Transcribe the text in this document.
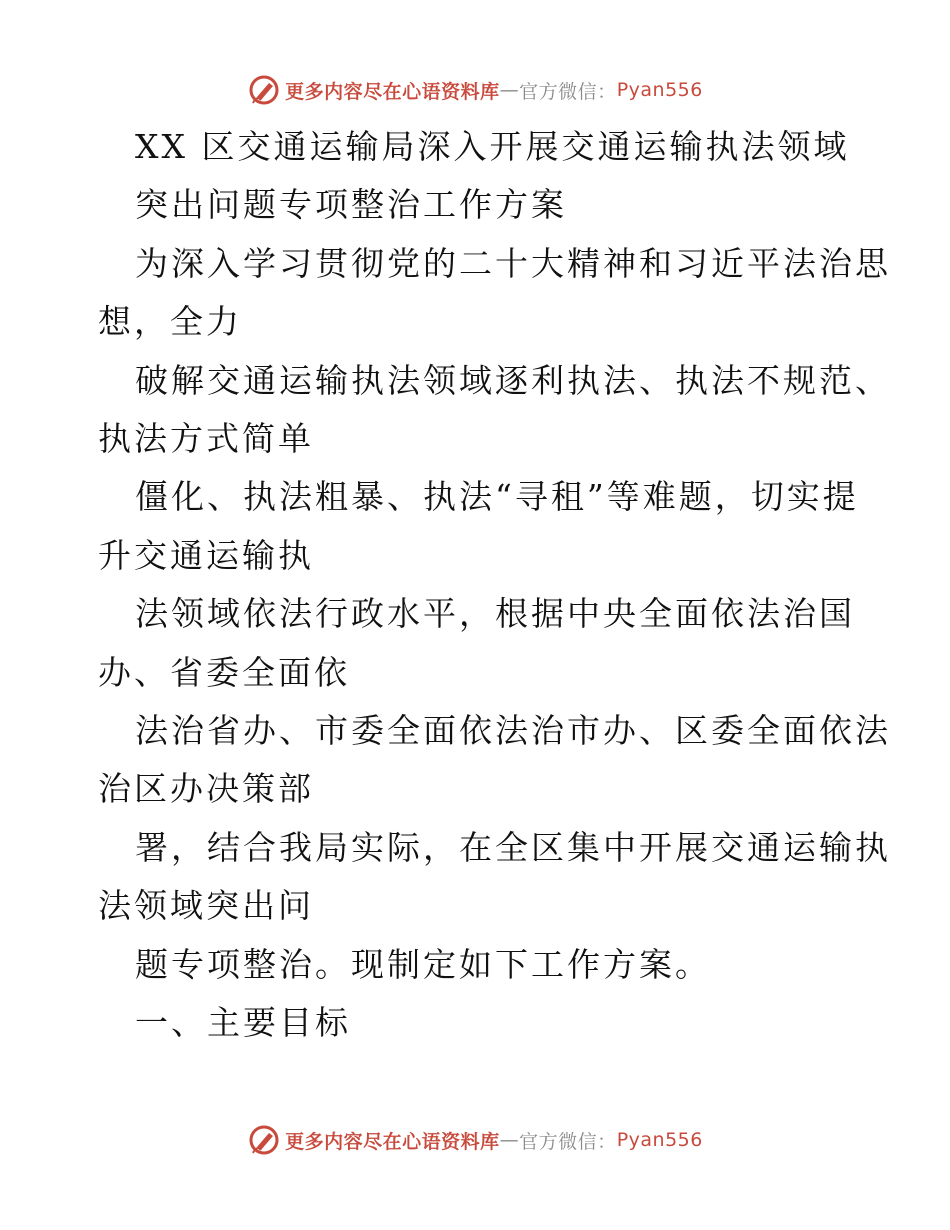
更多内容尽在心语资料库 — 官方微信： Pyan556
XX 区交通运输局深入开展交通运输执法领域
突出问题专项整治工作方案
为深入学习贯彻党的二十大精神和习近平法治思
想，全力
破解交通运输执法领域逐利执法、执法不规范、
执法方式简单
僵化、执法粗暴、执法“寻租”等难题，切实提
升交通运输执
法领域依法行政水平，根据中央全面依法治国
办、省委全面依
法治省办、市委全面依法治市办、区委全面依法
治区办决策部
署，结合我局实际，在全区集中开展交通运输执
法领域突出问
题专项整治。现制定如下工作方案。
一、主要目标
更多内容尽在心语资料库 — 官方微信： Pyan556
